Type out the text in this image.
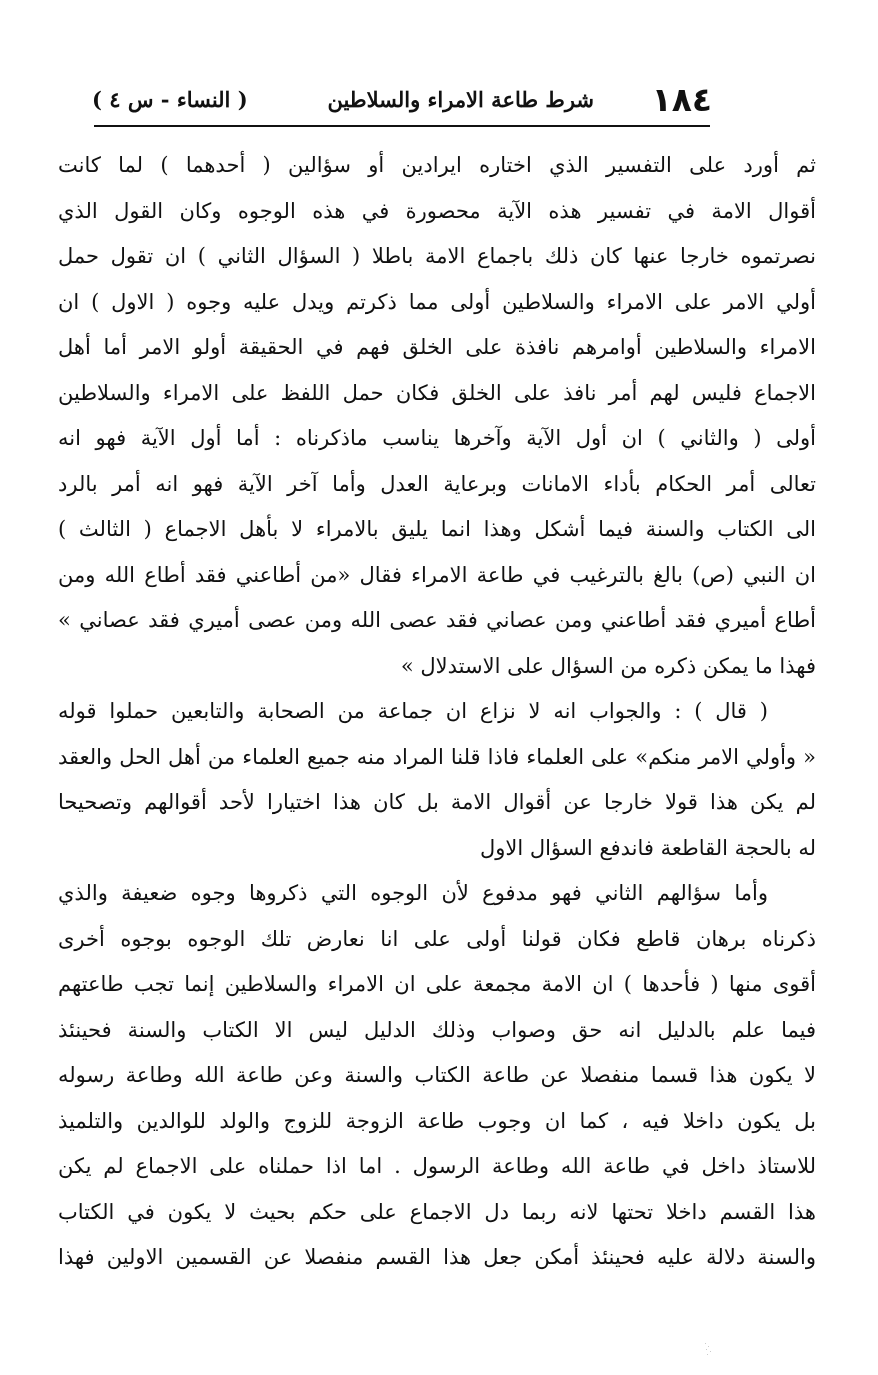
١٨٤
شرط طاعة الامراء والسلاطين
( النساء - س ٤ )
ثم أورد على التفسير الذي اختاره ايرادين أو سؤالين ( أحدهما ) لما كانت
أقوال الامة في تفسير هذه الآية محصورة في هذه الوجوه وكان القول الذي
نصرتموه خارجا عنها كان ذلك باجماع الامة باطلا ( السؤال الثاني ) ان تقول حمل
أولي الامر على الامراء والسلاطين أولى مما ذكرتم ويدل عليه وجوه ( الاول ) ان
الامراء والسلاطين أوامرهم نافذة على الخلق فهم في الحقيقة أولو الامر أما أهل
الاجماع فليس لهم أمر نافذ على الخلق فكان حمل اللفظ على الامراء والسلاطين
أولى ( والثاني ) ان أول الآية وآخرها يناسب ماذكرناه : أما أول الآية فهو انه
تعالى أمر الحكام بأداء الامانات وبرعاية العدل وأما آخر الآية فهو انه أمر بالرد
الى الكتاب والسنة فيما أشكل وهذا انما يليق بالامراء لا بأهل الاجماع ( الثالث )
ان النبي (ص) بالغ بالترغيب في طاعة الامراء فقال «من أطاعني فقد أطاع الله ومن
أطاع أميري فقد أطاعني ومن عصاني فقد عصى الله ومن عصى أميري فقد عصاني »
فهذا ما يمكن ذكره من السؤال على الاستدلال »
( قال ) : والجواب انه لا نزاع ان جماعة من الصحابة والتابعين حملوا قوله
« وأولي الامر منكم» على العلماء فاذا قلنا المراد منه جميع العلماء من أهل الحل والعقد
لم يكن هذا قولا خارجا عن أقوال الامة بل كان هذا اختيارا لأحد أقوالهم وتصحيحا
له بالحجة القاطعة فاندفع السؤال الاول
وأما سؤالهم الثاني فهو مدفوع لأن الوجوه التي ذكروها وجوه ضعيفة والذي
ذكرناه برهان قاطع فكان قولنا أولى على انا نعارض تلك الوجوه بوجوه أخرى
أقوى منها ( فأحدها ) ان الامة مجمعة على ان الامراء والسلاطين إنما تجب طاعتهم
فيما علم بالدليل انه حق وصواب وذلك الدليل ليس الا الكتاب والسنة فحينئذ
لا يكون هذا قسما منفصلا عن طاعة الكتاب والسنة وعن طاعة الله وطاعة رسوله
بل يكون داخلا فيه ، كما ان وجوب طاعة الزوجة للزوج والولد للوالدين والتلميذ
للاستاذ داخل في طاعة الله وطاعة الرسول . اما اذا حملناه على الاجماع لم يكن
هذا القسم داخلا تحتها لانه ربما دل الاجماع على حكم بحيث لا يكون في الكتاب
والسنة دلالة عليه فحينئذ أمكن جعل هذا القسم منفصلا عن القسمين الاولين فهذا
